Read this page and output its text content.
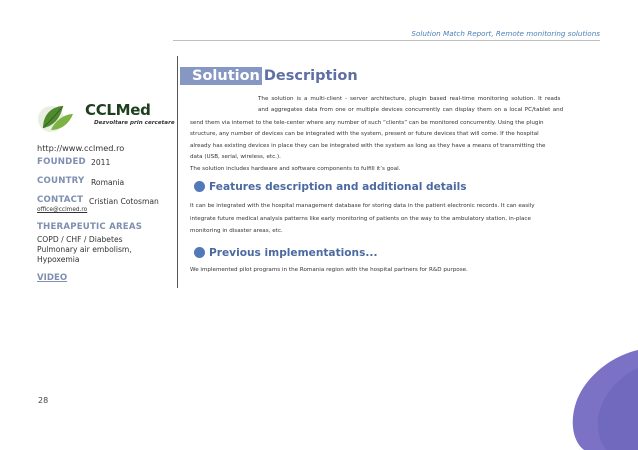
Solution Match Report, Remote monitoring solutions
CCLMed
Dezvoltare prin cercetare
http://www.cclmed.ro
FOUNDED 2011
COUNTRY Romania
CONTACT Cristian Cotosman
office@cclmed.ro
THERAPEUTIC AREAS
COPD / CHF / Diabetes
Pulmonary air embolism,
Hypoxemia
VIDEO
Solution Description

The solution is a multi-client - server architecture, plugin based real-time monitoring solution. It reads

and aggregates data from one or multiple devices concurrently can display them on a local PC/tablet and

send them via internet to the tele-center where any number of such “clients” can be monitored concurrently. Using the plugin

structure, any number of devices can be integrated with the system, present or future devices that will come. If the hospital

already has existing devices in place they can be integrated with the system as long as they have a means of transmitting the

data (USB, serial, wireless, etc.).

The solution includes hardware and software components to fulfill it’s goal.

Features description and additional details

It can be integrated with the hospital management database for storing data in the patient electronic records. It can easily

integrate future medical analysis patterns like early monitoring of patients on the way to the ambulatory station, in-place

monitoring in disaster areas, etc.

Previous implementations...

We implemented pilot programs in the Romania region with the hospital partners for R&D purpose.

28
